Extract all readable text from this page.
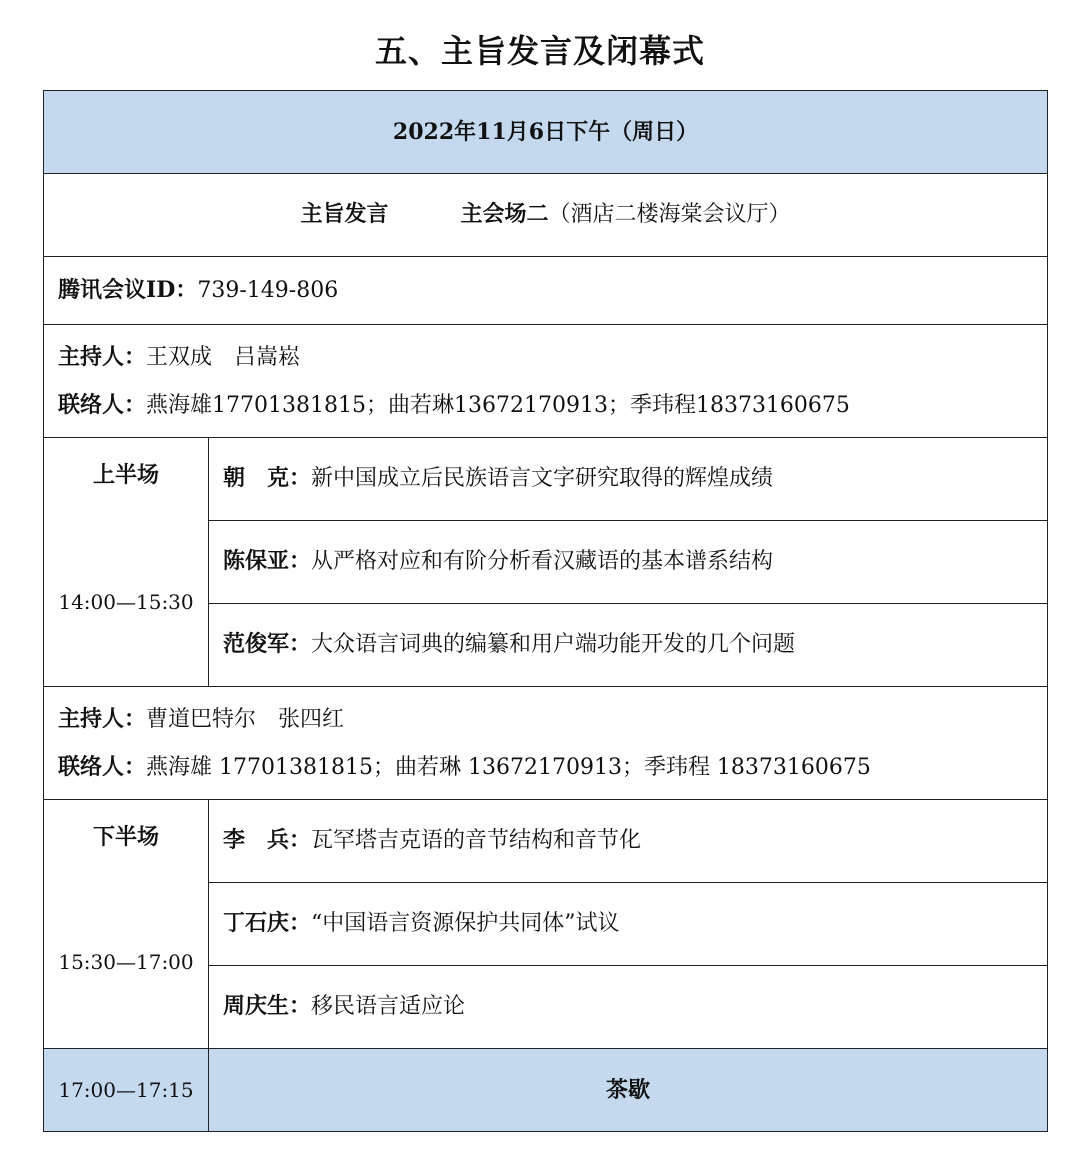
五、主旨发言及闭幕式
2022年11月6日下午（周日）	
主旨发言 主会场二（酒店二楼海棠会议厅）	
腾讯会议ID：739-149-806	

主持人：王双成　吕嵩崧
联络人：燕海雄17701381815；曲若琳13672170913；季玮程18373160675	

上半场
14:00—15:30	朝　克：新中国成立后民族语言文字研究取得的辉煌成绩
	陈保亚：从严格对应和有阶分析看汉藏语的基本谱系结构
	范俊军：大众语言词典的编纂和用户端功能开发的几个问题

主持人：曹道巴特尔　张四红
联络人：燕海雄 17701381815；曲若琳 13672170913；季玮程 18373160675	

下半场
15:30—17:00	李　兵：瓦罕塔吉克语的音节结构和音节化
	丁石庆：“中国语言资源保护共同体”试议
	周庆生：移民语言适应论
17:00—17:15	茶歇
